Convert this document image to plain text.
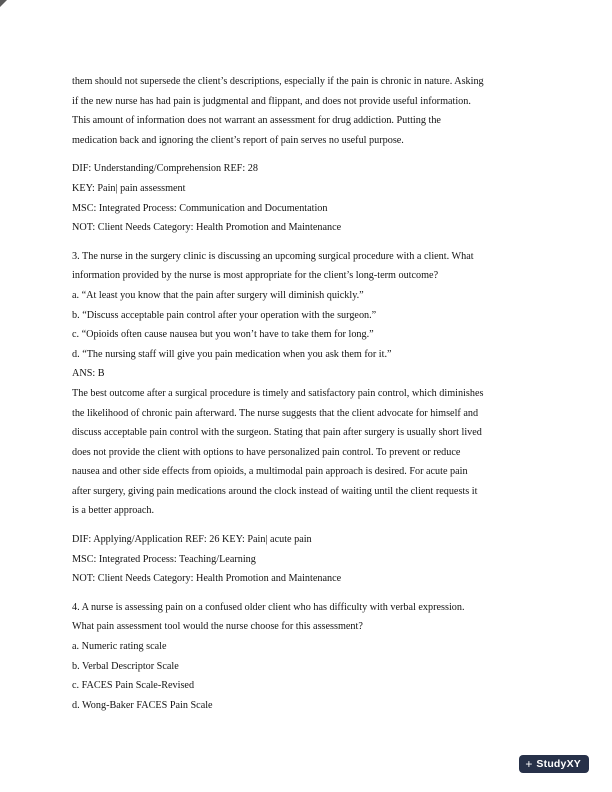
them should not supersede the client’s descriptions, especially if the pain is chronic in nature. Asking
if the new nurse has had pain is judgmental and flippant, and does not provide useful information.
This amount of information does not warrant an assessment for drug addiction. Putting the
medication back and ignoring the client’s report of pain serves no useful purpose.
DIF: Understanding/Comprehension REF: 28
KEY: Pain| pain assessment
MSC: Integrated Process: Communication and Documentation
NOT: Client Needs Category: Health Promotion and Maintenance
3. The nurse in the surgery clinic is discussing an upcoming surgical procedure with a client. What
information provided by the nurse is most appropriate for the client’s long-term outcome?
a. “At least you know that the pain after surgery will diminish quickly.”
b. “Discuss acceptable pain control after your operation with the surgeon.”
c. “Opioids often cause nausea but you won’t have to take them for long.”
d. “The nursing staff will give you pain medication when you ask them for it.”
ANS: B
The best outcome after a surgical procedure is timely and satisfactory pain control, which diminishes
the likelihood of chronic pain afterward. The nurse suggests that the client advocate for himself and
discuss acceptable pain control with the surgeon. Stating that pain after surgery is usually short lived
does not provide the client with options to have personalized pain control. To prevent or reduce
nausea and other side effects from opioids, a multimodal pain approach is desired. For acute pain
after surgery, giving pain medications around the clock instead of waiting until the client requests it
is a better approach.
DIF: Applying/Application REF: 26 KEY: Pain| acute pain
MSC: Integrated Process: Teaching/Learning
NOT: Client Needs Category: Health Promotion and Maintenance
4. A nurse is assessing pain on a confused older client who has difficulty with verbal expression.
What pain assessment tool would the nurse choose for this assessment?
a. Numeric rating scale
b. Verbal Descriptor Scale
c. FACES Pain Scale-Revised
d. Wong-Baker FACES Pain Scale
+ StudyXY
